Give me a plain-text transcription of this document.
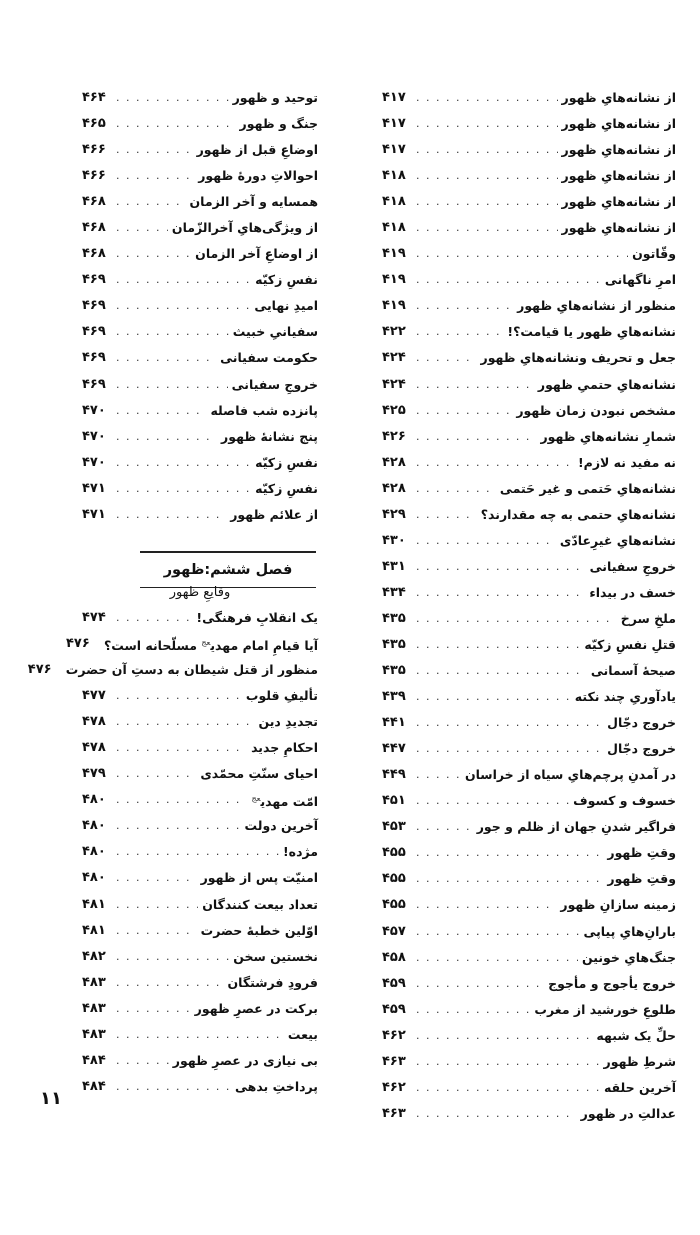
از نشانه‌هایِ ظهور
. . .
۴۱۷
از نشانه‌هایِ ظهور
. . .
۴۱۷
از نشانه‌هایِ ظهور
. . .
۴۱۷
از نشانه‌هایِ ظهور
. . .
۴۱۸
از نشانه‌هایِ ظهور
. . .
۴۱۸
از نشانه‌هایِ ظهور
. . .
۴۱۸
وقّاتون
. . .
۴۱۹
امرِ ناگهانی
. . .
۴۱۹
منظور از نشانه‌هایِ ظهور
. . .
۴۱۹
نشانه‌هایِ ظهور یا قیامت؟!
. . .
۴۲۲
جعل و تحریف ونشانه‌هایِ ظهور
. . .
۴۲۴
نشانه‌هایِ حتمیِ ظهور
. . .
۴۲۴
مشخص نبودن زمان ظهور
. . .
۴۲۵
شمارِ نشانه‌هایِ ظهور
. . .
۴۲۶
نه مفید نه لازم!
. . .
۴۲۸
نشانه‌هایِ حَتمی و غیر حَتمی
. . .
۴۲۸
نشانه‌هایِ حتمی به چه مقدارند؟
. . .
۴۲۹
نشانه‌هایِ غیرِعادّی
. . .
۴۳۰
خروجِ سفیانی
. . .
۴۳۱
خسف در بیداء
. . .
۴۳۴
ملخِ سرخ
. . .
۴۳۵
قتلِ نفسِ زکیّه
. . .
۴۳۵
صیحهٔ آسمانی
. . .
۴۳۵
یادآوریِ چند نکته
. . .
۴۳۹
خروج دجّال
. . .
۴۴۱
خروج دجّال
. . .
۴۴۷
در آمدنِ پرچم‌هایِ سیاه از خراسان
. . .
۴۴۹
خسوف و کسوف
. . .
۴۵۱
فراگیر شدنِ جهان از ظلم و جور
. . .
۴۵۳
وقتِ ظهور
. . .
۴۵۵
وقتِ ظهور
. . .
۴۵۵
زمینه سازانِ ظهور
. . .
۴۵۵
بارانِ‌هایِ پیاپی
. . .
۴۵۷
جنگ‌هایِ خونین
. . .
۴۵۸
خروج یأجوج و مأجوج
. . .
۴۵۹
طلوعِ خورشید از مغرب
. . .
۴۵۹
حلِّ یک شبهه
. . .
۴۶۲
شرطِ ظهور
. . .
۴۶۳
آخرین حلقه
. . .
۴۶۲
عدالتِ در ظهور
. . .
۴۶۳
توحید و ظهور
. . .
۴۶۴
جنگ و ظهور
. . .
۴۶۵
اوضاعِ قبل از ظهور
. . .
۴۶۶
احوالاتِ دورهٔ ظهور
. . .
۴۶۶
همسایه و آخر الزمان
. . .
۴۶۸
از ویژگی‌هایِ آخرالزّمان
. . .
۴۶۸
از اوضاعِ آخر الزمان
. . .
۴۶۸
نفسِ زکیّه
. . .
۴۶۹
امیدِ نهایی
. . .
۴۶۹
سفیانیِ خبیث
. . .
۴۶۹
حکومت سفیانی
. . .
۴۶۹
خروجِ سفیانی
. . .
۴۶۹
پانزده شب فاصله
. . .
۴۷۰
پنج نشانهٔ ظهور
. . .
۴۷۰
نفسِ زکیّه
. . .
۴۷۰
نفسِ زکیّه
. . .
۴۷۱
از علائم ظهور
. . .
۴۷۱
فصل ششم:ظهور
وقایعِ ظهور
یک انقلابِ فرهنگی!
. . .
۴۷۴
آیا قیامِ امام مهدی$^{عج}$ مسلّحانه است؟
۴۷۶
منظور از قتل شیطان به دستِ آن حضرت
۴۷۶
تألیفِ قلوب
. . .
۴۷۷
تجدیدِ دین
. . .
۴۷۸
احکامِ جدید
. . .
۴۷۸
احیای سنّتِ محمّدی
. . .
۴۷۹
امّت مهدی$^{عج}$
. . .
۴۸۰
آخرین دولت
. . .
۴۸۰
مژده!
. . .
۴۸۰
امنیّت پس از ظهور
. . .
۴۸۰
تعداد بیعت کنندگان
. . .
۴۸۱
اوّلین خطبهٔ حضرت
. . .
۴۸۱
نخستین سخن
. . .
۴۸۲
فرودِ فرشتگان
. . .
۴۸۳
برکت در عصرِ ظهور
. . .
۴۸۳
بیعت
. . .
۴۸۳
بی نیازی در عصرِ ظهور
. . .
۴۸۴
پرداختِ بدهی
. . .
۴۸۴
۱۱
